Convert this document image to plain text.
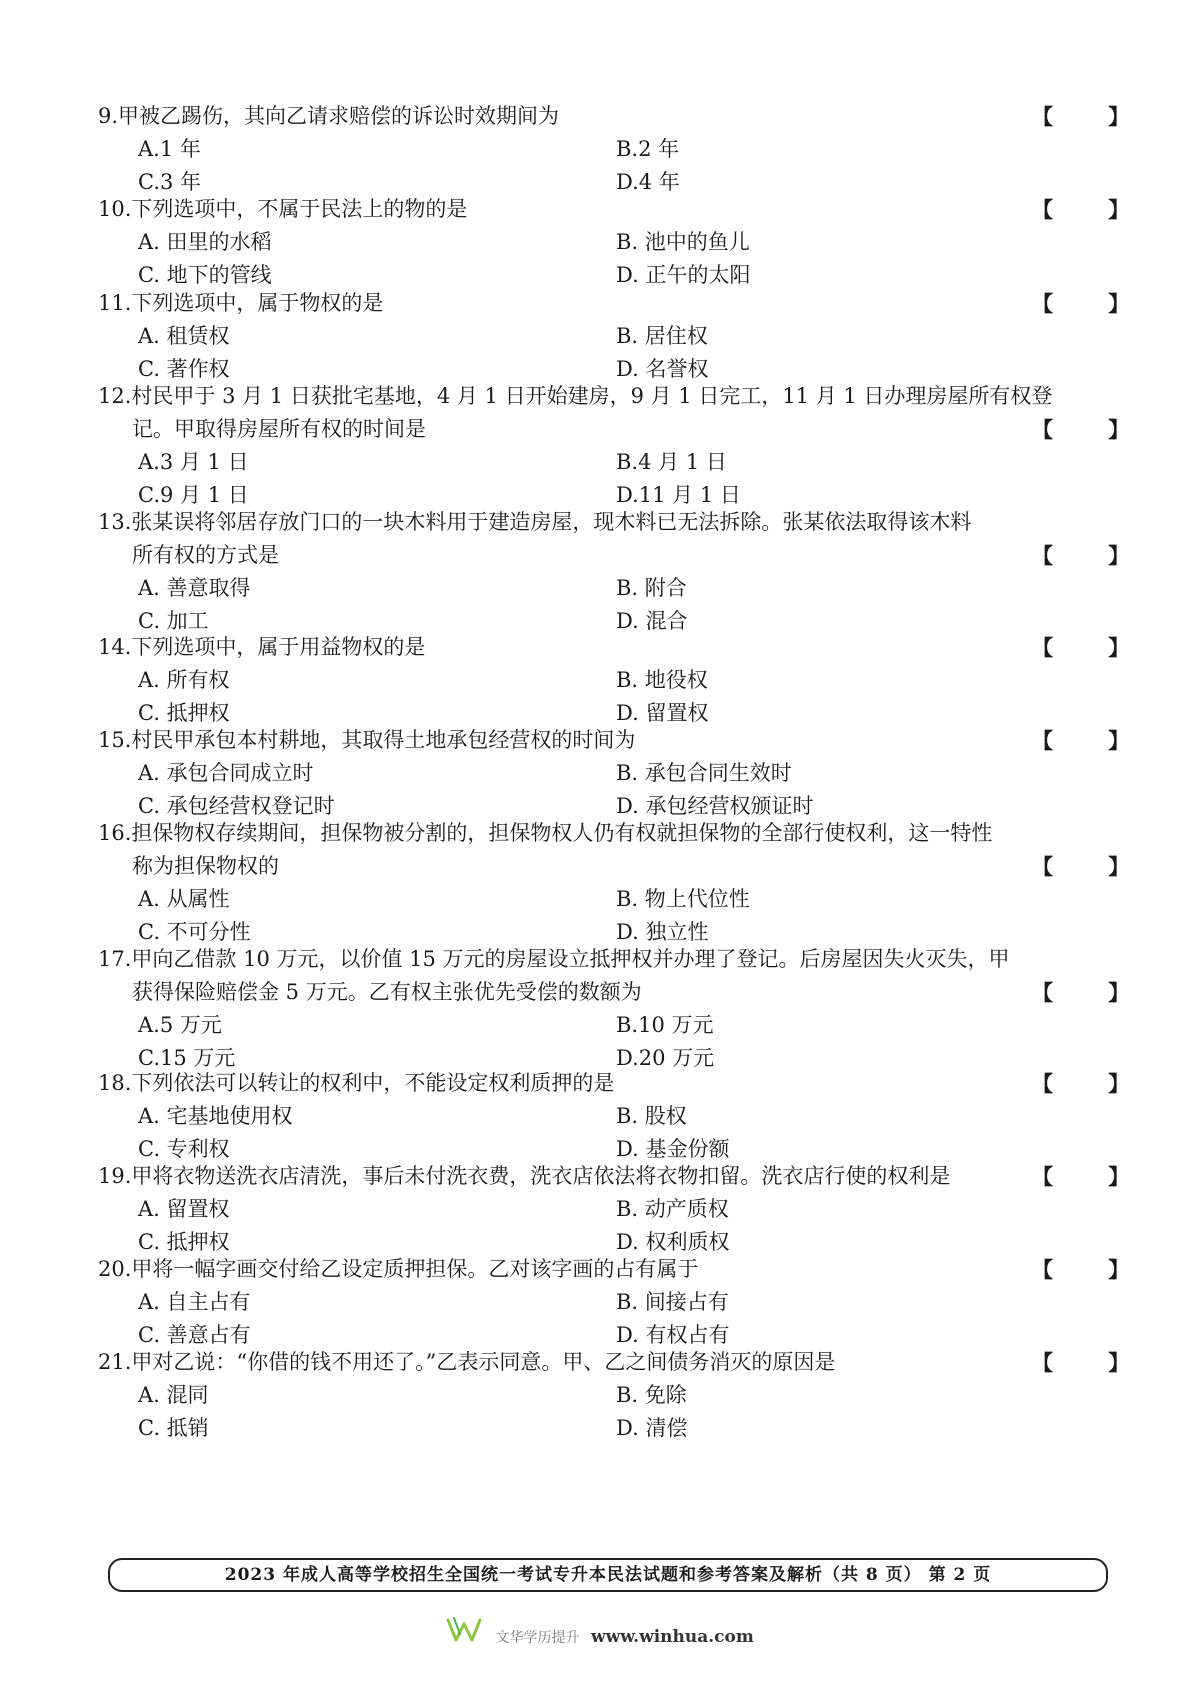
9.甲被乙踢伤，其向乙请求赔偿的诉讼时效期间为	【 】
A.1 年	B.2 年
C.3 年	D.4 年
10.下列选项中，不属于民法上的物的是	【 】
A. 田里的水稻	B. 池中的鱼儿
C. 地下的管线	D. 正午的太阳
11.下列选项中，属于物权的是	【 】
A. 租赁权	B. 居住权
C. 著作权	D. 名誉权
12.村民甲于 3 月 1 日获批宅基地，4 月 1 日开始建房，9 月 1 日完工，11 月 1 日办理房屋所有权登
记。甲取得房屋所有权的时间是	【 】
A.3 月 1 日	B.4 月 1 日
C.9 月 1 日	D.11 月 1 日
13.张某误将邻居存放门口的一块木料用于建造房屋，现木料已无法拆除。张某依法取得该木料
所有权的方式是	【 】
A. 善意取得	B. 附合
C. 加工	D. 混合
14.下列选项中，属于用益物权的是	【 】
A. 所有权	B. 地役权
C. 抵押权	D. 留置权
15.村民甲承包本村耕地，其取得土地承包经营权的时间为	【 】
A. 承包合同成立时	B. 承包合同生效时
C. 承包经营权登记时	D. 承包经营权颁证时
16.担保物权存续期间，担保物被分割的，担保物权人仍有权就担保物的全部行使权利，这一特性
称为担保物权的	【 】
A. 从属性	B. 物上代位性
C. 不可分性	D. 独立性
17.甲向乙借款 10 万元，以价值 15 万元的房屋设立抵押权并办理了登记。后房屋因失火灭失，甲
获得保险赔偿金 5 万元。乙有权主张优先受偿的数额为	【 】
A.5 万元	B.10 万元
C.15 万元	D.20 万元
18.下列依法可以转让的权利中，不能设定权利质押的是	【 】
A. 宅基地使用权	B. 股权
C. 专利权	D. 基金份额
19.甲将衣物送洗衣店清洗，事后未付洗衣费，洗衣店依法将衣物扣留。洗衣店行使的权利是	【 】
A. 留置权	B. 动产质权
C. 抵押权	D. 权利质权
20.甲将一幅字画交付给乙设定质押担保。乙对该字画的占有属于	【 】
A. 自主占有	B. 间接占有
C. 善意占有	D. 有权占有
21.甲对乙说：“你借的钱不用还了。”乙表示同意。甲、乙之间债务消灭的原因是	【 】
A. 混同	B. 免除
C. 抵销	D. 清偿
2023 年成人高等学校招生全国统一考试专升本民法试题和参考答案及解析（共 8 页） 第 2 页
文华学历提升 www.winhua.com
